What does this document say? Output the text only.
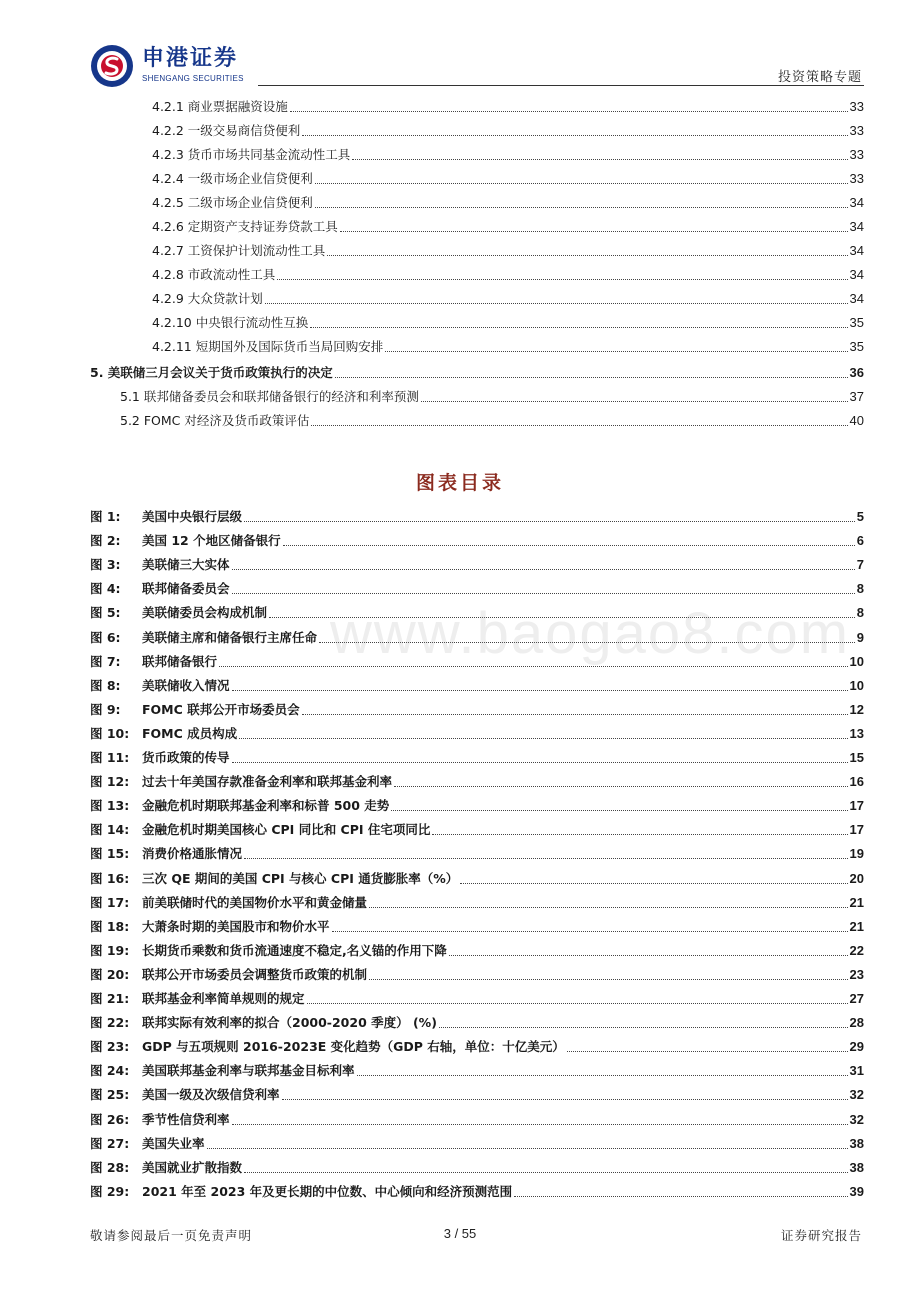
申港证券
SHENGANG SECURITIES	投资策略专题
4.2.1 商业票据融资设施	33
4.2.2 一级交易商信贷便利	33
4.2.3 货币市场共同基金流动性工具	33
4.2.4 一级市场企业信贷便利	33
4.2.5 二级市场企业信贷便利	34
4.2.6 定期资产支持证券贷款工具	34
4.2.7 工资保护计划流动性工具	34
4.2.8 市政流动性工具	34
4.2.9 大众贷款计划	34
4.2.10 中央银行流动性互换	35
4.2.11 短期国外及国际货币当局回购安排	35
5. 美联储三月会议关于货币政策执行的决定	36
5.1 联邦储备委员会和联邦储备银行的经济和利率预测	37
5.2 FOMC 对经济及货币政策评估	40
图表目录
图 1:	美国中央银行层级	5
图 2:	美国 12 个地区储备银行	6
图 3:	美联储三大实体	7
图 4:	联邦储备委员会	8
图 5:	美联储委员会构成机制	8
图 6:	美联储主席和储备银行主席任命	9
图 7:	联邦储备银行	10
图 8:	美联储收入情况	10
图 9:	FOMC 联邦公开市场委员会	12
图 10:	FOMC 成员构成	13
图 11:	货币政策的传导	15
图 12:	过去十年美国存款准备金利率和联邦基金利率	16
图 13:	金融危机时期联邦基金利率和标普 500 走势	17
图 14:	金融危机时期美国核心 CPI 同比和 CPI 住宅项同比	17
图 15:	消费价格通胀情况	19
图 16:	三次 QE 期间的美国 CPI 与核心 CPI 通货膨胀率（%）	20
图 17:	前美联储时代的美国物价水平和黄金储量	21
图 18:	大萧条时期的美国股市和物价水平	21
图 19:	长期货币乘数和货币流通速度不稳定,名义锚的作用下降	22
图 20:	联邦公开市场委员会调整货币政策的机制	23
图 21:	联邦基金利率简单规则的规定	27
图 22:	联邦实际有效利率的拟合（2000-2020 季度） (%)	28
图 23:	GDP 与五项规则 2016-2023E 变化趋势（GDP 右轴，单位：十亿美元）	29
图 24:	美国联邦基金利率与联邦基金目标利率	31
图 25:	美国一级及次级信贷利率	32
图 26:	季节性信贷利率	32
图 27:	美国失业率	38
图 28:	美国就业扩散指数	38
图 29:	2021 年至 2023 年及更长期的中位数、中心倾向和经济预测范围	39
www.baogao8.com
敬请参阅最后一页免责声明	3 / 55	证券研究报告
